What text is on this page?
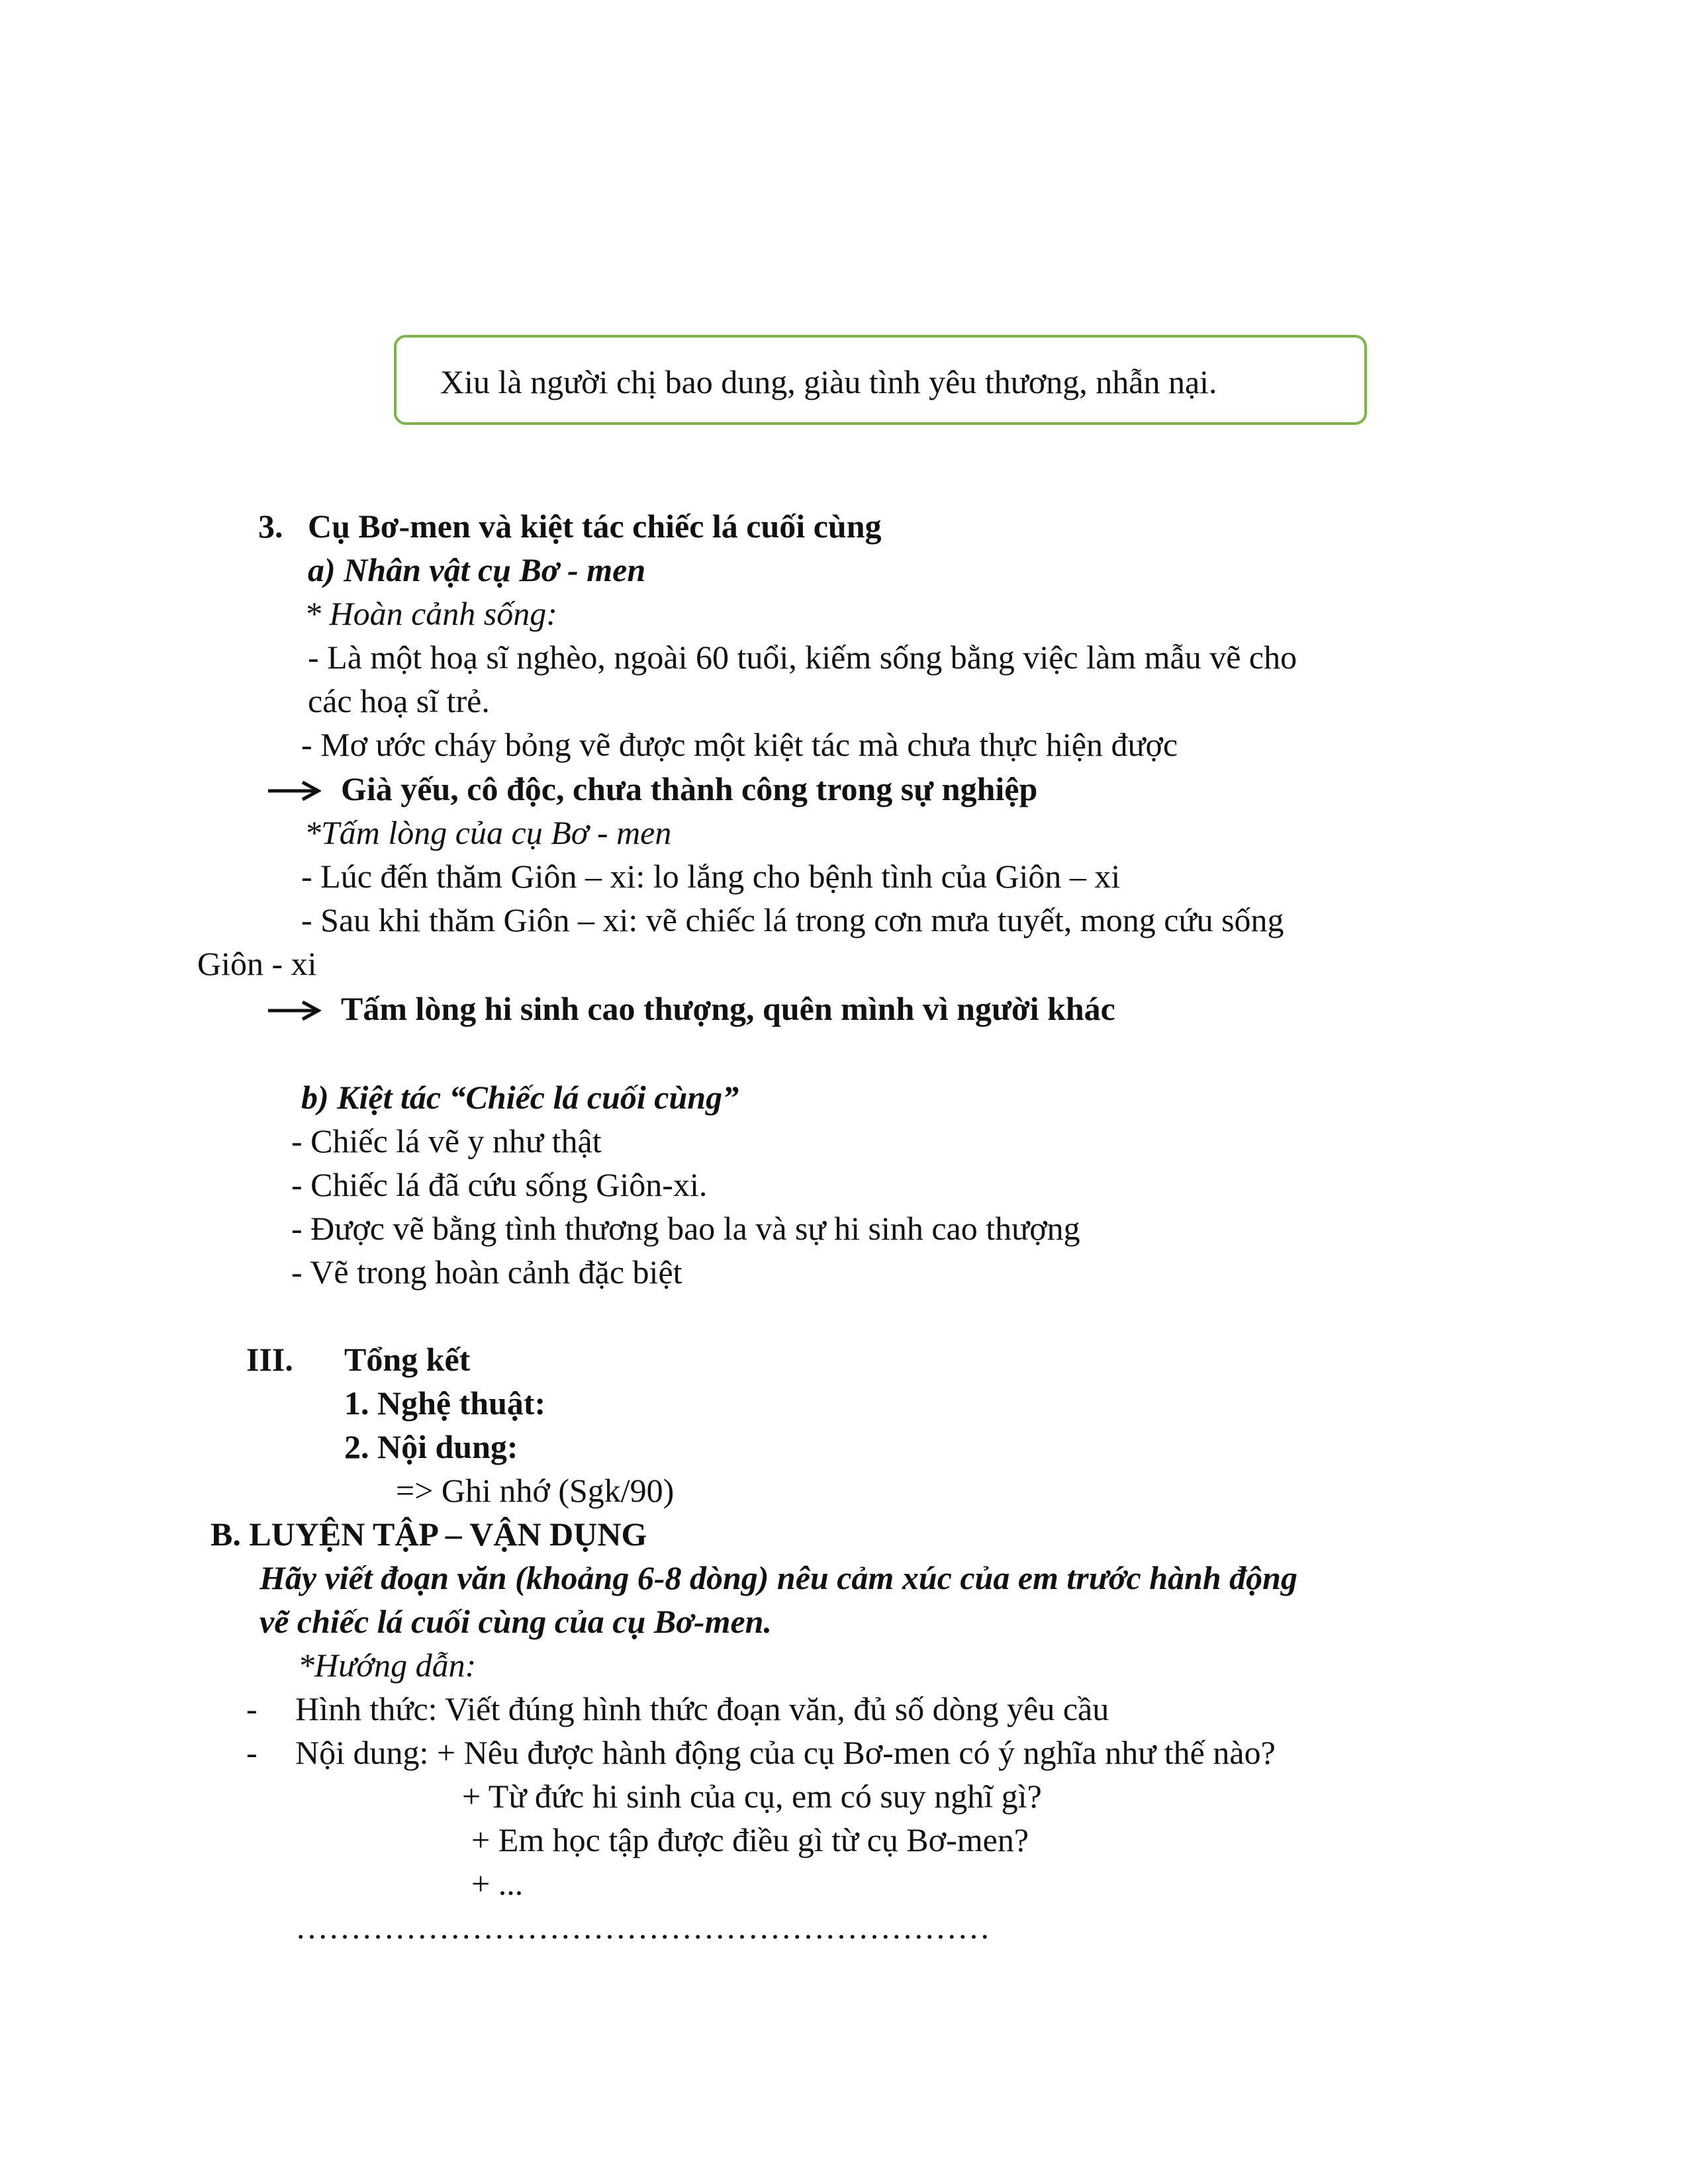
Xiu là người chị bao dung, giàu tình yêu thương, nhẫn nại.
3. Cụ Bơ-men và kiệt tác chiếc lá cuối cùng
a) Nhân vật cụ Bơ - men
* Hoàn cảnh sống:
- Là một hoạ sĩ nghèo, ngoài 60 tuổi, kiếm sống bằng việc làm mẫu vẽ cho
các hoạ sĩ trẻ.
- Mơ ước cháy bỏng vẽ được một kiệt tác mà chưa thực hiện được
Già yếu, cô độc, chưa thành công trong sự nghiệp
*Tấm lòng của cụ Bơ - men
- Lúc đến thăm Giôn – xi: lo lắng cho bệnh tình của Giôn – xi
- Sau khi thăm Giôn – xi: vẽ chiếc lá trong cơn mưa tuyết, mong cứu sống
Giôn - xi
Tấm lòng hi sinh cao thượng, quên mình vì người khác
b) Kiệt tác “Chiếc lá cuối cùng”
- Chiếc lá vẽ y như thật
- Chiếc lá đã cứu sống Giôn-xi.
- Được vẽ bằng tình thương bao la và sự hi sinh cao thượng
- Vẽ trong hoàn cảnh đặc biệt
III. Tổng kết
1. Nghệ thuật:
2. Nội dung:
=> Ghi nhớ (Sgk/90)
B. LUYỆN TẬP – VẬN DỤNG
Hãy viết đoạn văn (khoảng 6-8 dòng) nêu cảm xúc của em trước hành động
vẽ chiếc lá cuối cùng của cụ Bơ-men.
*Hướng dẫn:
- Hình thức: Viết đúng hình thức đoạn văn, đủ số dòng yêu cầu
- Nội dung: + Nêu được hành động của cụ Bơ-men có ý nghĩa như thế nào?
+ Từ đức hi sinh của cụ, em có suy nghĩ gì?
+ Em học tập được điều gì từ cụ Bơ-men?
+ ...
………………………………………………………
